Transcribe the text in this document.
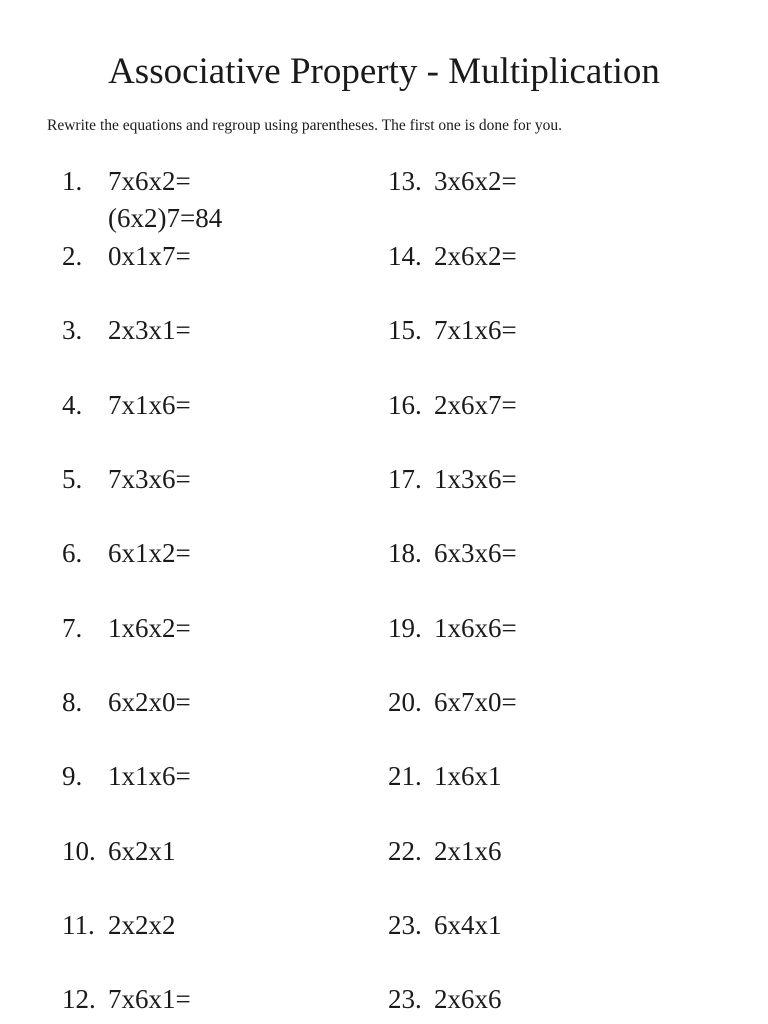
Associative Property - Multiplication

Rewrite the equations and regroup using parentheses. The first one is done for you.

1. 7x6x2=
(6x2)7=84
2. 0x1x7=
3. 2x3x1=
4. 7x1x6=
5. 7x3x6=
6. 6x1x2=
7. 1x6x2=
8. 6x2x0=
9. 1x1x6=
10. 6x2x1
11. 2x2x2
12. 7x6x1=
13. 3x6x2=
14. 2x6x2=
15. 7x1x6=
16. 2x6x7=
17. 1x3x6=
18. 6x3x6=
19. 1x6x6=
20. 6x7x0=
21. 1x6x1
22. 2x1x6
23. 6x4x1
23. 2x6x6
